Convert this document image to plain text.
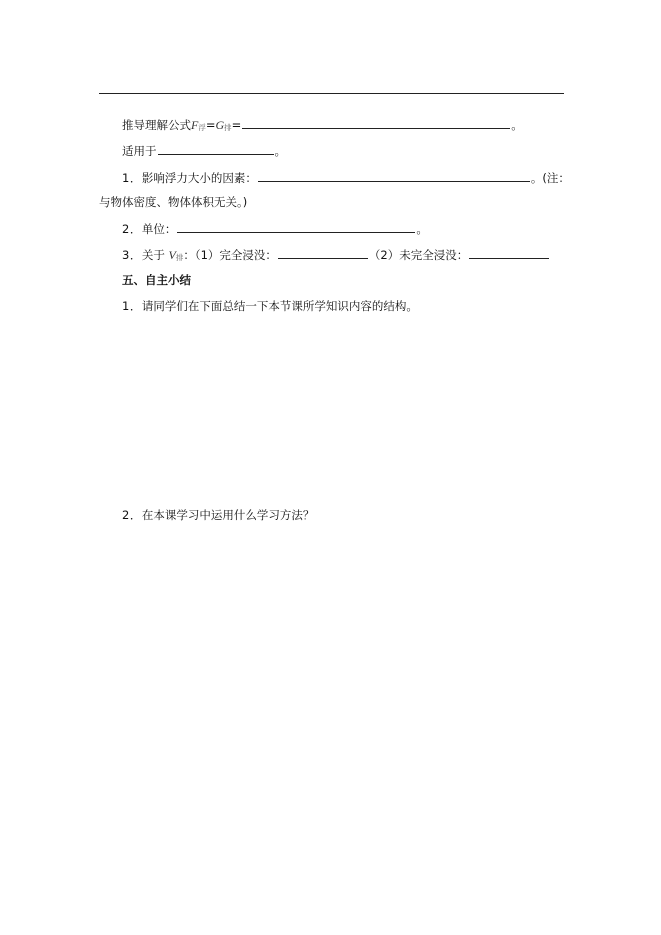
推导理解公式F浮=G排=	。
适用于	。
1．影响浮力大小的因素：	。(注：
与物体密度、物体体积无关。)
2．单位：	。
3．关于 V排：（1）完全浸没：	（2）未完全浸没：
五、自主小结
1．请同学们在下面总结一下本节课所学知识内容的结构。
2．在本课学习中运用什么学习方法？
